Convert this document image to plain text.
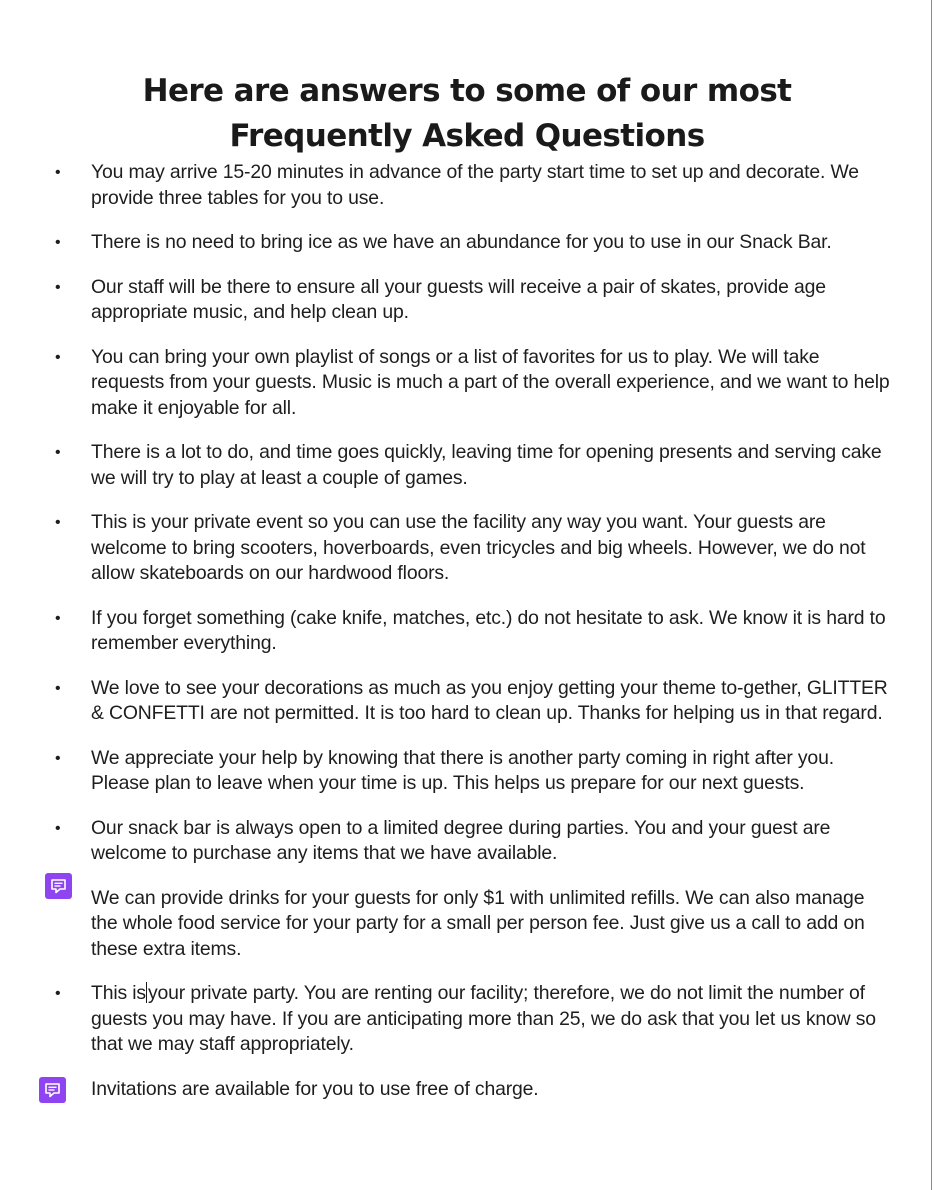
Here are answers to some of our most
Frequently Asked Questions
• You may arrive 15-20 minutes in advance of the party start time to set up and decorate. We provide three tables for you to use.
• There is no need to bring ice as we have an abundance for you to use in our Snack Bar.
• Our staff will be there to ensure all your guests will receive a pair of skates, provide age appropriate music, and help clean up.
• You can bring your own playlist of songs or a list of favorites for us to play. We will take requests from your guests. Music is much a part of the overall experience, and we want to help make it enjoyable for all.
• There is a lot to do, and time goes quickly, leaving time for opening presents and serving cake we will try to play at least a couple of games.
• This is your private event so you can use the facility any way you want. Your guests are welcome to bring scooters, hoverboards, even tricycles and big wheels. However, we do not allow skateboards on our hardwood floors.
• If you forget something (cake knife, matches, etc.) do not hesitate to ask. We know it is hard to remember everything.
• We love to see your decorations as much as you enjoy getting your theme to-gether, GLITTER & CONFETTI are not permitted. It is too hard to clean up. Thanks for helping us in that regard.
• We appreciate your help by knowing that there is another party coming in right after you. Please plan to leave when your time is up. This helps us prepare for our next guests.
• Our snack bar is always open to a limited degree during parties. You and your guest are welcome to purchase any items that we have available.
We can provide drinks for your guests for only $1 with unlimited refills. We can also manage the whole food service for your party for a small per person fee. Just give us a call to add on these extra items.
• This is your private party. You are renting our facility; therefore, we do not limit the number of guests you may have. If you are anticipating more than 25, we do ask that you let us know so that we may staff appropriately.
Invitations are available for you to use free of charge.
